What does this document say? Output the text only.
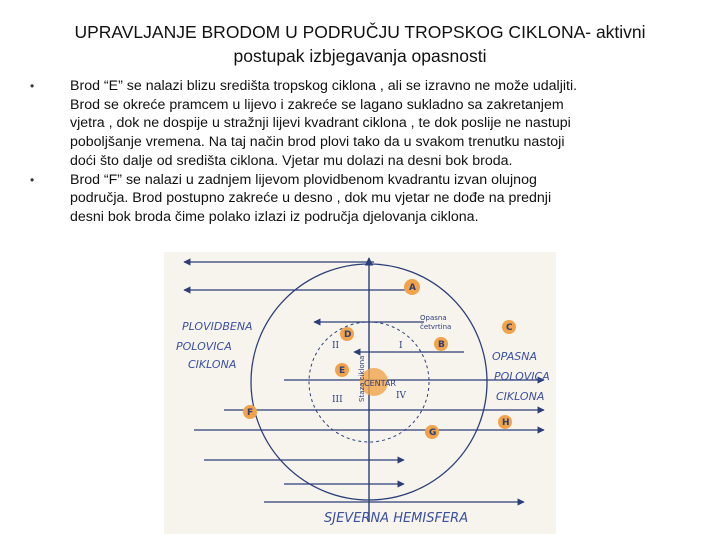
UPRAVLJANJE BRODOM U PODRUČJU TROPSKOG CIKLONA- aktivni
postupak izbjegavanja opasnosti
•	Brod “E” se nalazi blizu središta tropskog ciklona , ali se izravno ne može udaljiti.
Brod se okreće pramcem u lijevo i zakreće se lagano sukladno sa zakretanjem
vjetra , dok ne dospije u stražnji lijevi kvadrant ciklona , te dok poslije ne nastupi
poboljšanje vremena. Na taj način brod plovi tako da u svakom trenutku nastoji
doći što dalje od središta ciklona. Vjetar mu dolazi na desni bok broda.
•	Brod “F” se nalazi u zadnjem lijevom plovidbenom kvadrantu izvan olujnog
područja. Brod postupno zakreće u desno , dok mu vjetar ne dođe na prednji
desni bok broda čime polako izlazi iz područja djelovanja ciklona.
CENTAR
I
II
III	IV
Staza ciklona
Opasna
četvrtina
PLOVIDBENA
POLOVICA
CIKLONA
OPASNA
POLOVICA
CIKLONA
SJEVERNA HEMISFERA
A
B
C
D
E
F
G
H
